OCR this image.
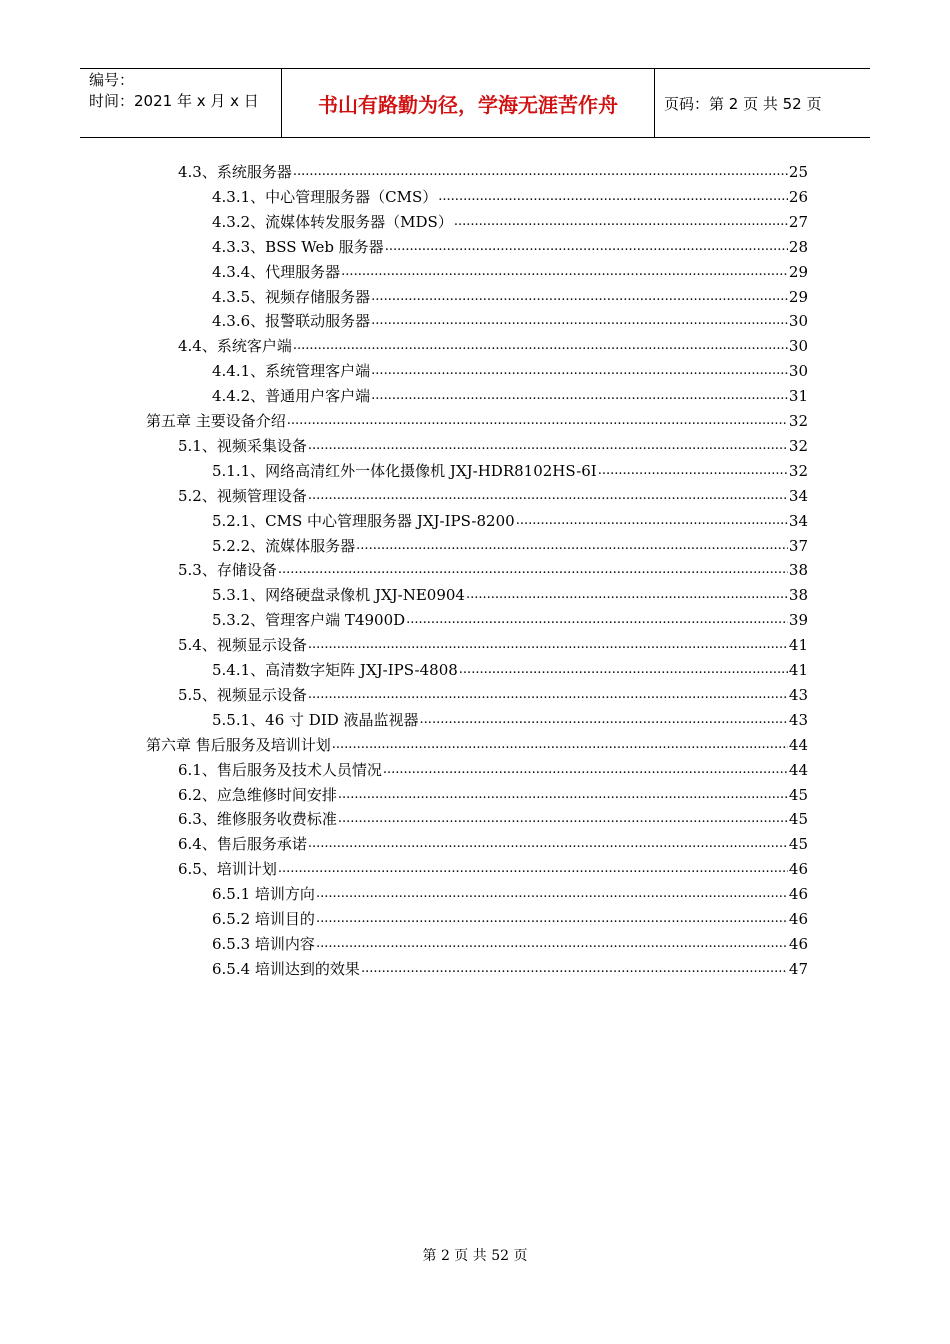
编号：
时间：2021 年 x 月 x 日	书山有路勤为径，学海无涯苦作舟	页码：第 2 页 共 52 页
4.3、系统服务器 .....	25
4.3.1、中心管理服务器（CMS） .....	26
4.3.2、流媒体转发服务器（MDS） .....	27
4.3.3、BSS Web 服务器 .....	28
4.3.4、代理服务器 .....	29
4.3.5、视频存储服务器 .....	29
4.3.6、报警联动服务器 .....	30
4.4、系统客户端 .....	30
4.4.1、系统管理客户端 .....	30
4.4.2、普通用户客户端 .....	31
第五章 主要设备介绍 .....	32
5.1、视频采集设备 .....	32
5.1.1、网络高清红外一体化摄像机 JXJ-HDR8102HS-6I .....	32
5.2、视频管理设备 .....	34
5.2.1、CMS 中心管理服务器 JXJ-IPS-8200 .....	34
5.2.2、流媒体服务器 .....	37
5.3、存储设备 .....	38
5.3.1、网络硬盘录像机 JXJ-NE0904 .....	38
5.3.2、管理客户端 T4900D .....	39
5.4、视频显示设备 .....	41
5.4.1、高清数字矩阵 JXJ-IPS-4808 .....	41
5.5、视频显示设备 .....	43
5.5.1、46 寸 DID 液晶监视器 .....	43
第六章 售后服务及培训计划 .....	44
6.1、售后服务及技术人员情况 .....	44
6.2、应急维修时间安排 .....	45
6.3、维修服务收费标准 .....	45
6.4、售后服务承诺 .....	45
6.5、培训计划 .....	46
6.5.1 培训方向 .....	46
6.5.2 培训目的 .....	46
6.5.3 培训内容 .....	46
6.5.4 培训达到的效果 .....	47
第 2 页 共 52 页
